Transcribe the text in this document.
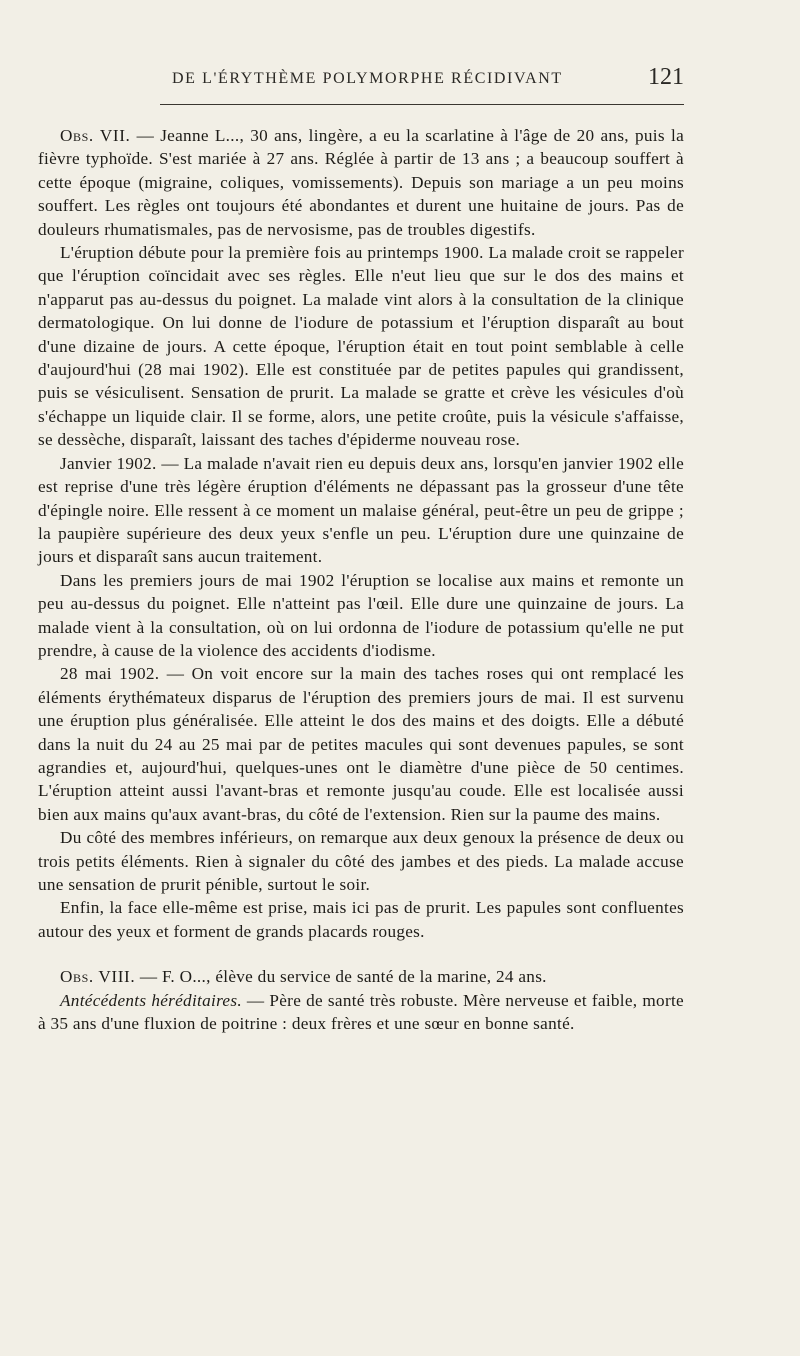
DE L'ÉRYTHÈME POLYMORPHE RÉCIDIVANT	121

Obs. VII. — Jeanne L..., 30 ans, lingère, a eu la scarlatine à l'âge de 20 ans, puis la fièvre typhoïde. S'est mariée à 27 ans. Réglée à partir de 13 ans ; a beaucoup souffert à cette époque (migraine, coliques, vomissements). Depuis son mariage a un peu moins souffert. Les règles ont toujours été abondantes et durent une huitaine de jours. Pas de douleurs rhumatismales, pas de nervosisme, pas de troubles digestifs.

L'éruption débute pour la première fois au printemps 1900. La malade croit se rappeler que l'éruption coïncidait avec ses règles. Elle n'eut lieu que sur le dos des mains et n'apparut pas au-dessus du poignet. La malade vint alors à la consultation de la clinique dermatologique. On lui donne de l'iodure de potassium et l'éruption disparaît au bout d'une dizaine de jours. A cette époque, l'éruption était en tout point semblable à celle d'aujourd'hui (28 mai 1902). Elle est constituée par de petites papules qui grandissent, puis se vésiculisent. Sensation de prurit. La malade se gratte et crève les vésicules d'où s'échappe un liquide clair. Il se forme, alors, une petite croûte, puis la vésicule s'affaisse, se dessèche, disparaît, laissant des taches d'épiderme nouveau rose.

Janvier 1902. — La malade n'avait rien eu depuis deux ans, lorsqu'en janvier 1902 elle est reprise d'une très légère éruption d'éléments ne dépassant pas la grosseur d'une tête d'épingle noire. Elle ressent à ce moment un malaise général, peut-être un peu de grippe ; la paupière supérieure des deux yeux s'enfle un peu. L'éruption dure une quinzaine de jours et disparaît sans aucun traitement.

Dans les premiers jours de mai 1902 l'éruption se localise aux mains et remonte un peu au-dessus du poignet. Elle n'atteint pas l'œil. Elle dure une quinzaine de jours. La malade vient à la consultation, où on lui ordonna de l'iodure de potassium qu'elle ne put prendre, à cause de la violence des accidents d'iodisme.

28 mai 1902. — On voit encore sur la main des taches roses qui ont remplacé les éléments érythémateux disparus de l'éruption des premiers jours de mai. Il est survenu une éruption plus généralisée. Elle atteint le dos des mains et des doigts. Elle a débuté dans la nuit du 24 au 25 mai par de petites macules qui sont devenues papules, se sont agrandies et, aujourd'hui, quelques-unes ont le diamètre d'une pièce de 50 centimes. L'éruption atteint aussi l'avant-bras et remonte jusqu'au coude. Elle est localisée aussi bien aux mains qu'aux avant-bras, du côté de l'extension. Rien sur la paume des mains.

Du côté des membres inférieurs, on remarque aux deux genoux la présence de deux ou trois petits éléments. Rien à signaler du côté des jambes et des pieds. La malade accuse une sensation de prurit pénible, surtout le soir.

Enfin, la face elle-même est prise, mais ici pas de prurit. Les papules sont confluentes autour des yeux et forment de grands placards rouges.

Obs. VIII. — F. O..., élève du service de santé de la marine, 24 ans.

Antécédents héréditaires. — Père de santé très robuste. Mère nerveuse et faible, morte à 35 ans d'une fluxion de poitrine : deux frères et une sœur en bonne santé.
